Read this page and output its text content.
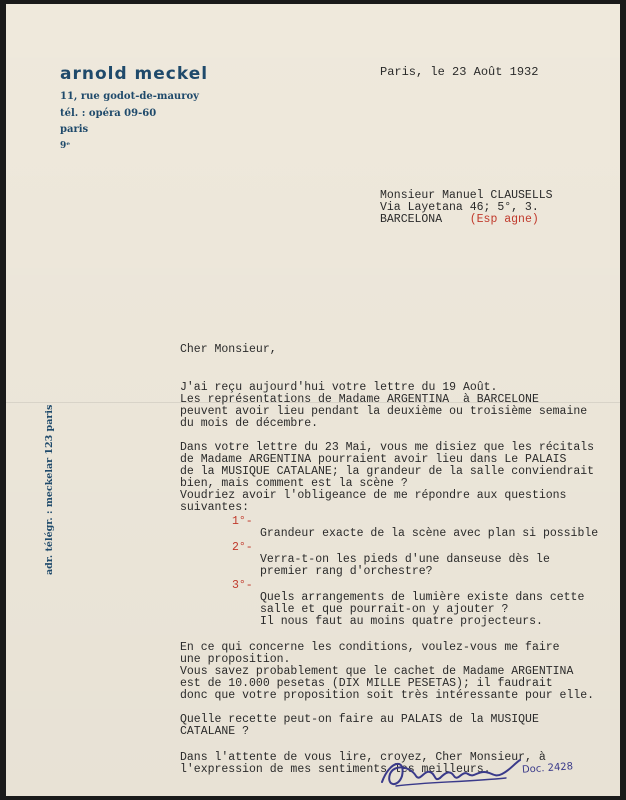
arnold meckel
11, rue godot-de-mauroy
tél. : opéra 09-60
paris
9ᵉ
adr. télégr. : meckelar 123 paris
Paris, le 23 Août 1932
Monsieur Manuel CLAUSELLS
Via Layetana 46; 5°, 3.
BARCELONA (Esp agne)
Cher Monsieur,

J'ai reçu aujourd'hui votre lettre du 19 Août.
Les représentations de Madame ARGENTINA  à BARCELONE
peuvent avoir lieu pendant la deuxième ou troisième semaine
du mois de décembre.

Dans votre lettre du 23 Mai, vous me disiez que les récitals
de Madame ARGENTINA pourraient avoir lieu dans Le PALAIS
de la MUSIQUE CATALANE; la grandeur de la salle conviendrait
bien, mais comment est la scène ?
Voudriez avoir l'obligeance de me répondre aux questions
suivantes:

1°-

Grandeur exacte de la scène avec plan si possible

2°-

Verra-t-on les pieds d'une danseuse dès le
premier rang d'orchestre?

3°-

Quels arrangements de lumière existe dans cette
salle et que pourrait-on y ajouter ?
Il nous faut au moins quatre projecteurs.

En ce qui concerne les conditions, voulez-vous me faire
une proposition.
Vous savez probablement que le cachet de Madame ARGENTINA
est de 10.000 pesetas (DIX MILLE PESETAS); il faudrait
donc que votre proposition soit très intéressante pour elle.

Quelle recette peut-on faire au PALAIS de la MUSIQUE
CATALANE ?

Dans l'attente de vous lire, croyez, Cher Monsieur, à
l'expression de mes sentiments les meilleurs.	Doc. 2428
